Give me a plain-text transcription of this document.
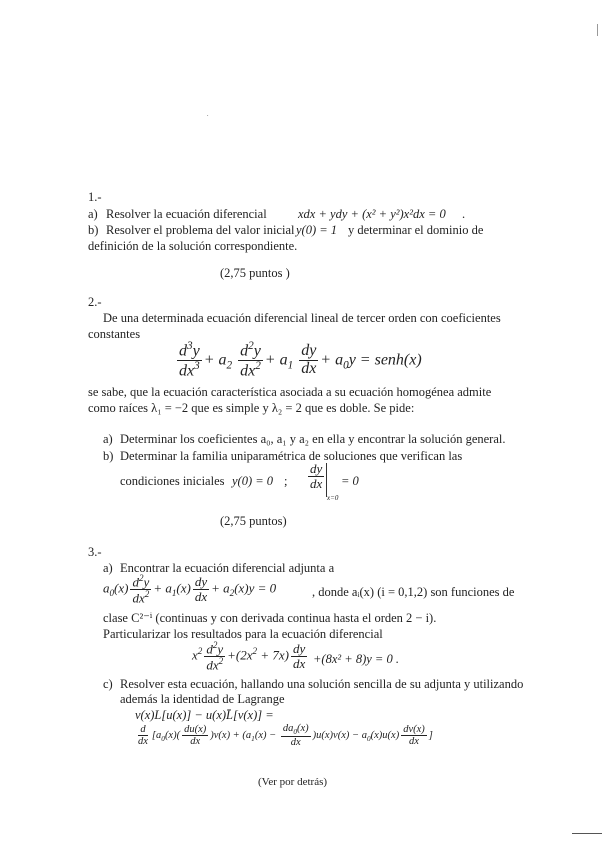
.
1.-
a) Resolver la ecuación diferencial	xdx + ydy + (x² + y²)x²dx = 0 .
b) Resolver el problema del valor inicial y(0) = 1 y determinar el dominio de
definición de la solución correspondiente.
(2,75 puntos )
2.-
De una determinada ecuación diferencial lineal de tercer orden con coeficientes
constantes
$\frac{d^3y}{dx^3} + a_2 \frac{d^2y}{dx^2} + a_1 \frac{dy}{dx} + a_0y$ = senh(x)
se sabe, que la ecuación característica asociada a su ecuación homogénea admite
como raíces λ₁ = −2 que es simple y λ₂ = 2 que es doble. Se pide:
a) Determinar los coeficientes a₀, a₁ y a₂ en ella y encontrar la solución general.
b) Determinar la familia uniparamétrica de soluciones que verifican las
condiciones iniciales y(0) = 0 ; $\frac{dy}{dx}$
x=0
= 0
(2,75 puntos)
3.-
a) Encontrar la ecuación diferencial adjunta a
$a_0(x) \frac{d^2y}{dx^2} + a_1(x) \frac{dy}{dx} + a_2(x)y = 0$	, donde aᵢ(x) (i = 0,1,2) son funciones de
clase C²⁻ⁱ (continuas y con derivada continua hasta el orden 2 − i).
Particularizar los resultados para la ecuación diferencial
$x^2 \frac{d^2y}{dx^2} +(2x^2 + 7x) \frac{dy}{dx} +(8x^2 + 8)y = 0$ .
c) Resolver esta ecuación, hallando una solución sencilla de su adjunta y utilizando
además la identidad de Lagrange
v(x)L[u(x)] − u(x)L̄[v(x)] =
$\frac{d}{dx} [a_0(x)( \frac{du(x)}{dx} )v(x) + (a_1(x) - \frac{da_0(x)}{dx} )u(x)v(x) - a_0(x)u(x) \frac{dv(x)}{dx}$ ]
(Ver por detrás)
